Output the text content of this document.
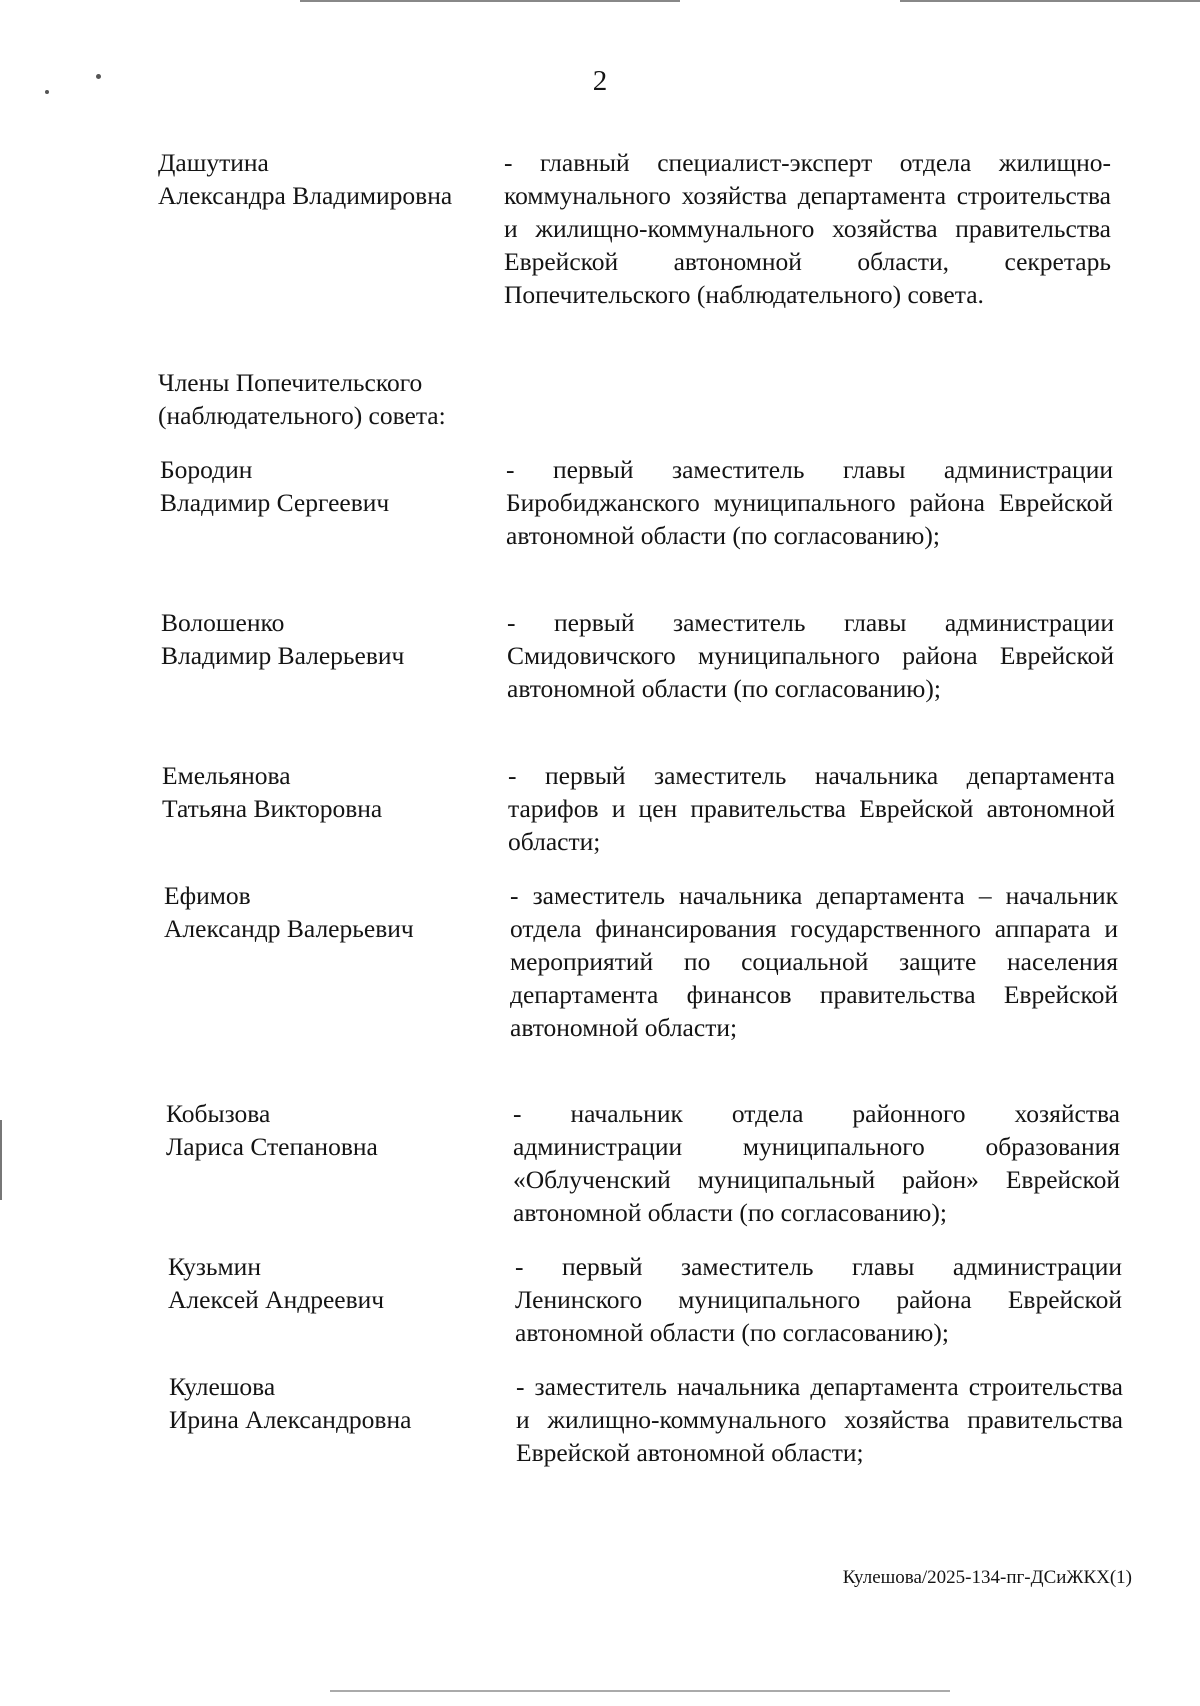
2
Дашутина
Александра Владимировна
- главный специалист-эксперт отдела жилищно-коммунального хозяйства департамента строительства и жилищно-коммунального хозяйства правительства Еврейской автономной области, секретарь Попечительского (наблюдательного) совета.
Члены Попечительского
(наблюдательного) совета:
Бородин
Владимир Сергеевич
- первый заместитель главы администрации Биробиджанского муниципального района Еврейской автономной области (по согласованию);
Волошенко
Владимир Валерьевич
- первый заместитель главы администрации Смидовичского муниципального района Еврейской автономной области (по согласованию);
Емельянова
Татьяна Викторовна
- первый заместитель начальника департамента тарифов и цен правительства Еврейской автономной области;
Ефимов
Александр Валерьевич
- заместитель начальника департамента – начальник отдела финансирования государственного аппарата и мероприятий по социальной защите населения департамента финансов правительства Еврейской автономной области;
Кобызова
Лариса Степановна
- начальник отдела районного хозяйства администрации муниципального образования «Облученский муниципальный район» Еврейской автономной области (по согласованию);
Кузьмин
Алексей Андреевич
- первый заместитель главы администрации Ленинского муниципального района Еврейской автономной области (по согласованию);
Кулешова
Ирина Александровна
- заместитель начальника департамента строительства и жилищно-коммунального хозяйства правительства Еврейской автономной области;
Кулешова/2025-134-пг-ДСиЖКХ(1)
